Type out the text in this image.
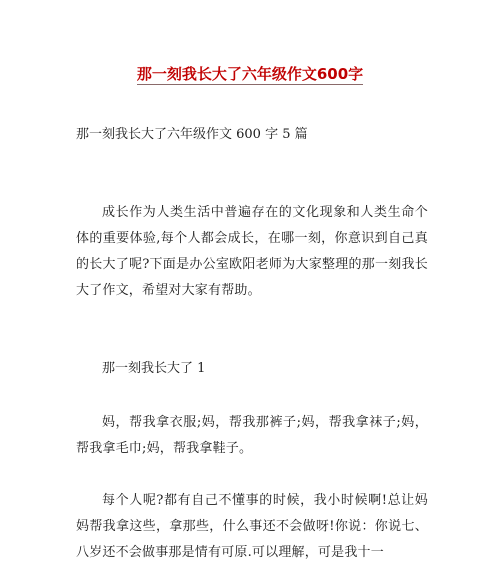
那一刻我长大了六年级作文600字
那一刻我长大了六年级作文 600 字 5 篇

成长作为人类生活中普遍存在的文化现象和人类生命个体的重要体验,每个人都会成长，在哪一刻，你意识到自己真的长大了呢?下面是办公室欧阳老师为大家整理的那一刻我长大了作文，希望对大家有帮助。

那一刻我长大了 1

妈，帮我拿衣服;妈，帮我那裤子;妈，帮我拿袜子;妈，帮我拿毛巾;妈，帮我拿鞋子。

每个人呢?都有自己不懂事的时候，我小时候啊!总让妈妈帮我拿这些，拿那些，什么事还不会做呀!你说：你说七、八岁还不会做事那是情有可原.可以理解，可是我十一
